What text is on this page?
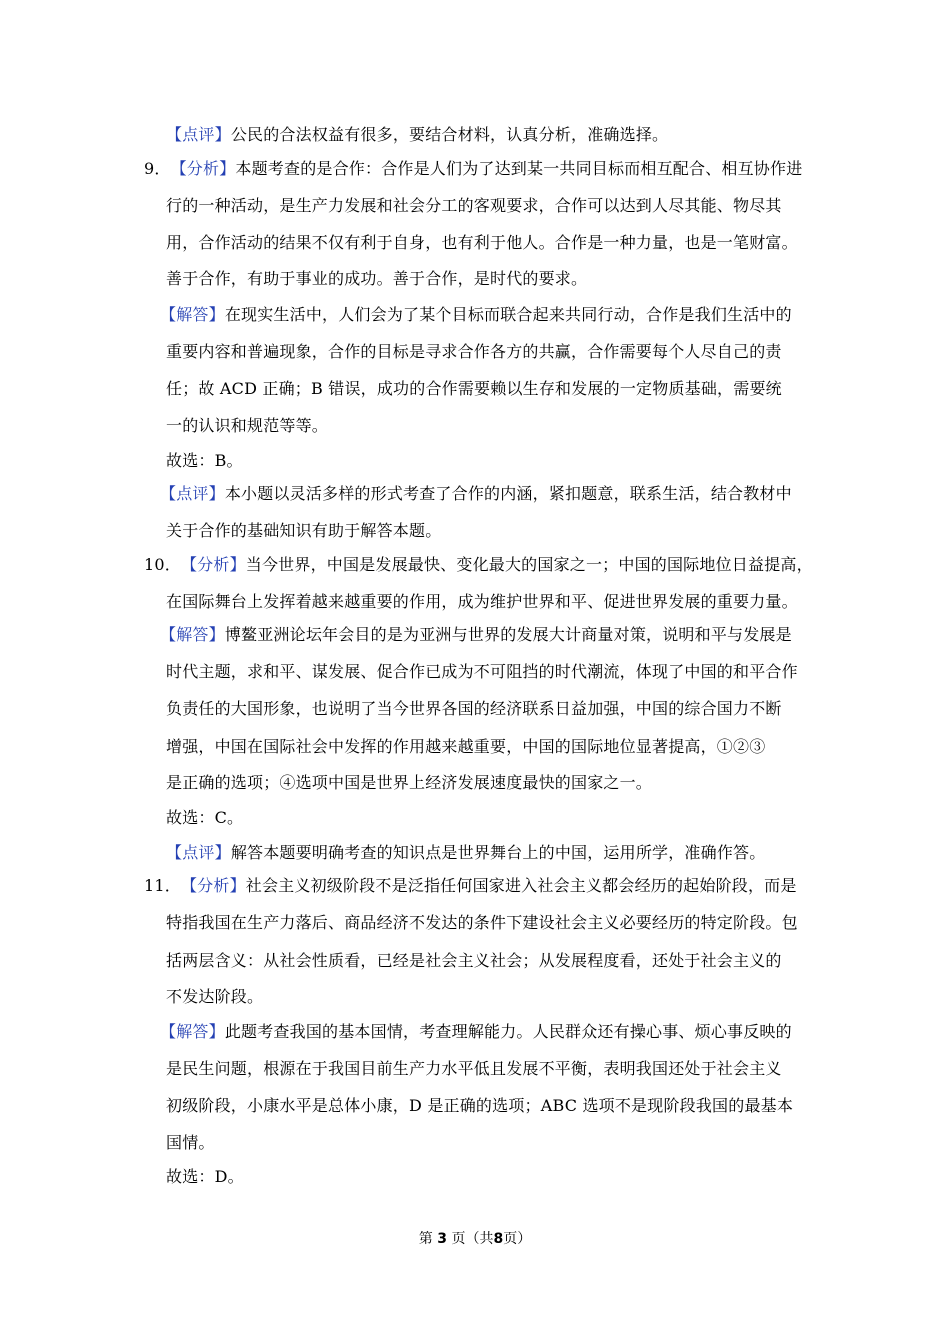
【点评】公民的合法权益有很多，要结合材料，认真分析，准确选择。
9．【分析】本题考查的是合作：合作是人们为了达到某一共同目标而相互配合、相互协作进
行的一种活动，是生产力发展和社会分工的客观要求，合作可以达到人尽其能、物尽其
用，合作活动的结果不仅有利于自身，也有利于他人。合作是一种力量，也是一笔财富。
善于合作，有助于事业的成功。善于合作，是时代的要求。
【解答】在现实生活中，人们会为了某个目标而联合起来共同行动，合作是我们生活中的
重要内容和普遍现象，合作的目标是寻求合作各方的共赢，合作需要每个人尽自己的责
任；故 ACD 正确；B 错误，成功的合作需要赖以生存和发展的一定物质基础，需要统
一的认识和规范等等。
故选：B。
【点评】本小题以灵活多样的形式考查了合作的内涵，紧扣题意，联系生活，结合教材中
关于合作的基础知识有助于解答本题。
10．【分析】当今世界，中国是发展最快、变化最大的国家之一；中国的国际地位日益提高，
在国际舞台上发挥着越来越重要的作用，成为维护世界和平、促进世界发展的重要力量。
【解答】博鳌亚洲论坛年会目的是为亚洲与世界的发展大计商量对策，说明和平与发展是
时代主题，求和平、谋发展、促合作已成为不可阻挡的时代潮流，体现了中国的和平合作
负责任的大国形象，也说明了当今世界各国的经济联系日益加强，中国的综合国力不断
增强，中国在国际社会中发挥的作用越来越重要，中国的国际地位显著提高，①②③
是正确的选项；④选项中国是世界上经济发展速度最快的国家之一。
故选：C。
【点评】解答本题要明确考查的知识点是世界舞台上的中国，运用所学，准确作答。
11．【分析】社会主义初级阶段不是泛指任何国家进入社会主义都会经历的起始阶段，而是
特指我国在生产力落后、商品经济不发达的条件下建设社会主义必要经历的特定阶段。包
括两层含义：从社会性质看，已经是社会主义社会；从发展程度看，还处于社会主义的
不发达阶段。
【解答】此题考查我国的基本国情，考查理解能力。人民群众还有操心事、烦心事反映的
是民生问题，根源在于我国目前生产力水平低且发展不平衡，表明我国还处于社会主义
初级阶段，小康水平是总体小康，D 是正确的选项；ABC 选项不是现阶段我国的最基本
国情。
故选：D。
第 3 页（共8页）
